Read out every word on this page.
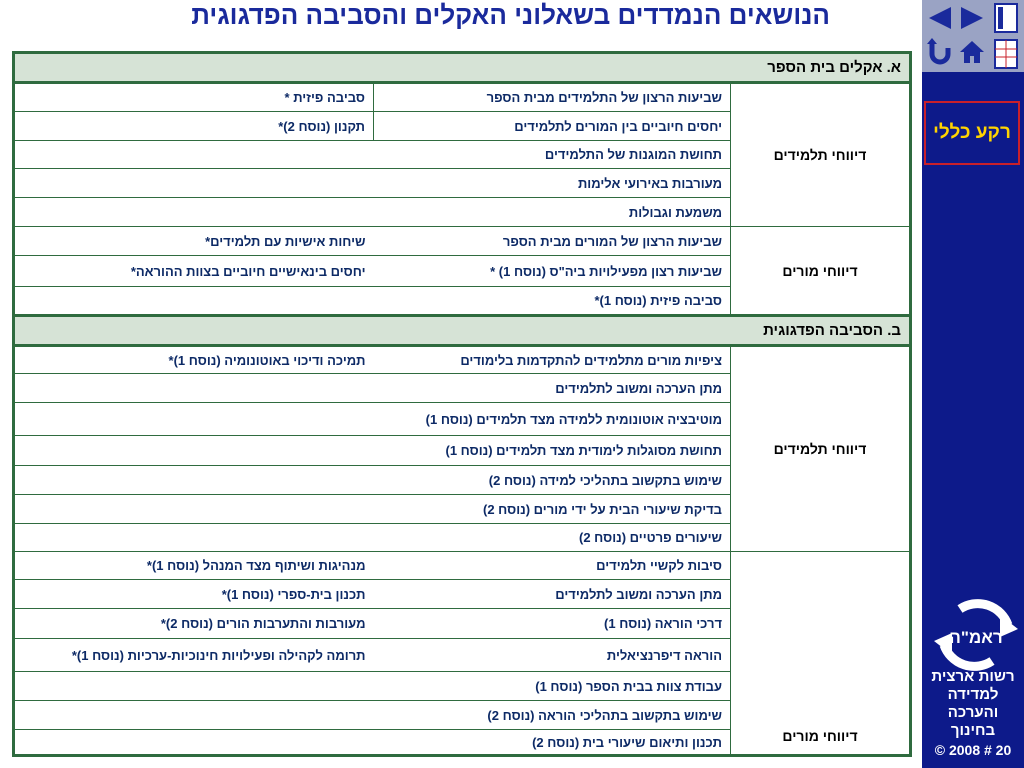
הנושאים הנמדדים בשאלוני האקלים והסביבה הפדגוגית
א. אקלים בית הספר		
דיווחי תלמידים	שביעות הרצון של התלמידים מבית הספר	סביבה פיזית *
	יחסים חיוביים בין המורים לתלמידים	תקנון (נוסח 2)*
	תחושת המוגנות של התלמידים	
	מעורבות באירועי אלימות	
	משמעת וגבולות	
דיווחי מורים	שביעות הרצון של המורים מבית הספר	שיחות אישיות עם תלמידים*
	שביעות רצון מפעילויות ביה"ס (נוסח 1) *	יחסים בינאישיים חיוביים בצוות ההוראה*
	סביבה פיזית (נוסח 1)*	
ב. הסביבה הפדגוגית		
דיווחי תלמידים	ציפיות מורים מתלמידים להתקדמות בלימודים	תמיכה ודיכוי באוטונומיה (נוסח 1)*
	מתן הערכה ומשוב לתלמידים	
	מוטיבציה אוטונומית ללמידה מצד תלמידים (נוסח 1)	
	תחושת מסוגלות לימודית מצד תלמידים (נוסח 1)	
	שימוש בתקשוב בתהליכי למידה (נוסח 2)	
	בדיקת שיעורי הבית על ידי מורים (נוסח 2)	
	שיעורים פרטיים (נוסח 2)	
דיווחי מורים	סיבות לקשיי תלמידים	מנהיגות ושיתוף מצד המנהל (נוסח 1)*
	מתן הערכה ומשוב לתלמידים	תכנון בית-ספרי (נוסח 1)*
	דרכי הוראה (נוסח 1)	מעורבות והתערבות הורים (נוסח 2)*
	הוראה דיפרנציאלית	תרומה לקהילה ופעילויות חינוכיות-ערכיות (נוסח 1)*
	עבודת צוות בבית הספר (נוסח 1)	
	שימוש בתקשוב בתהליכי הוראה (נוסח 2)	
	תכנון ותיאום שיעורי בית (נוסח 2)	
רקע כללי
ראמ"ה
רשות ארצית
למדידה
והערכה
בחינוך
© 2008 # 20
